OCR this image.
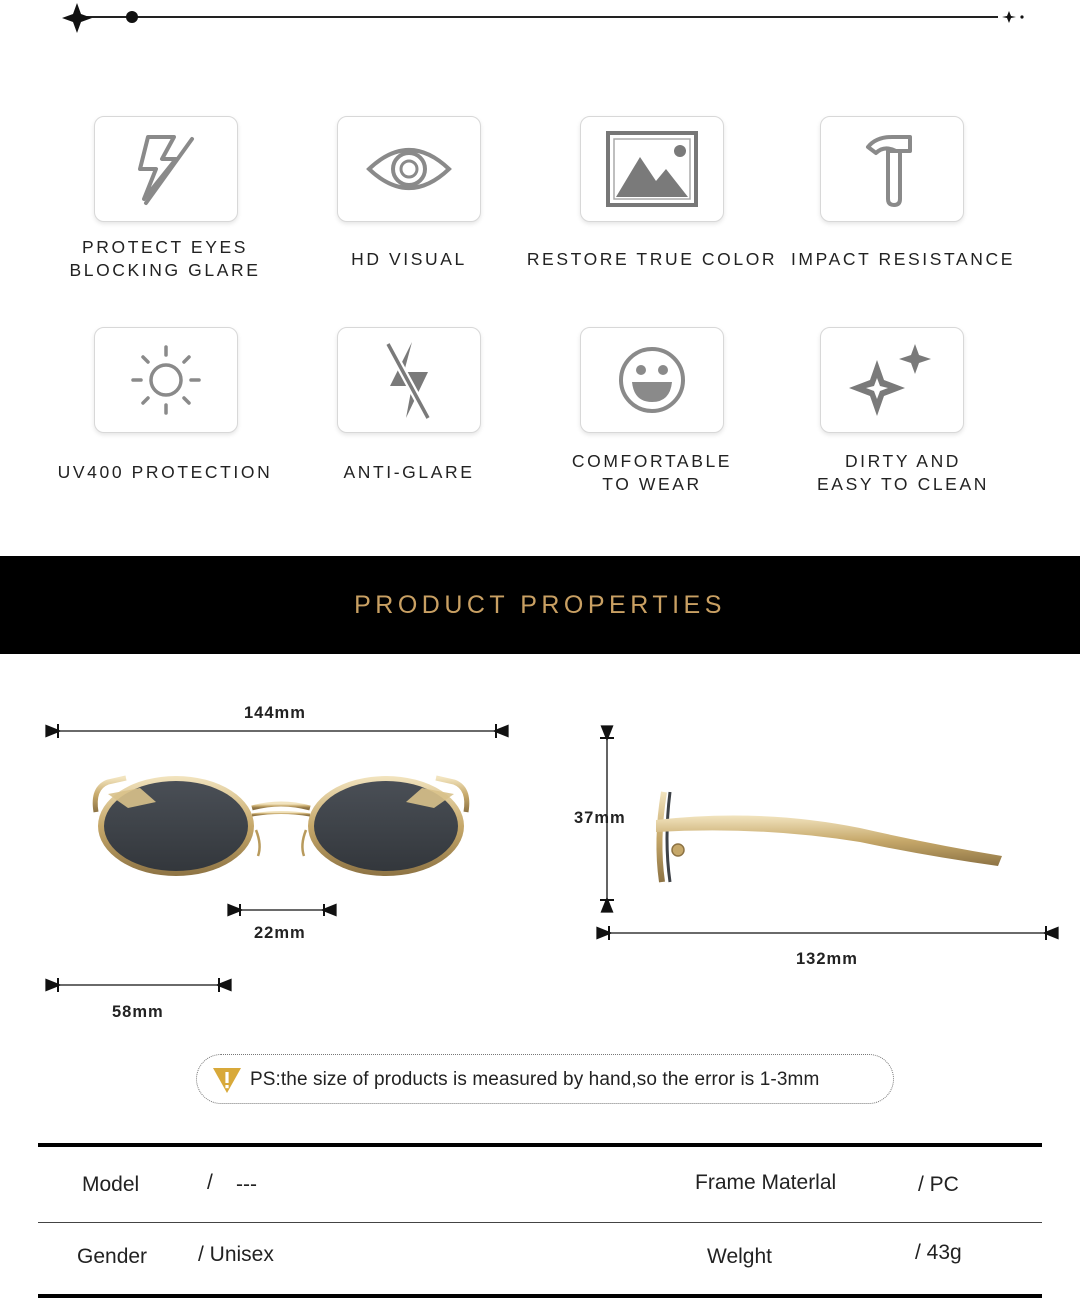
PROTECT EYES
BLOCKING GLARE
HD VISUAL	RESTORE TRUE COLOR IMPACT RESISTANCE
UV400 PROTECTION	ANTI-GLARE
COMFORTABLE
TO WEAR
DIRTY AND
EASY TO CLEAN
PRODUCT PROPERTIES
144mm
22mm
58mm
37mm
132mm
PS:the size of products is measured by hand,so the error is 1-3mm
Model	/ ---	Frame Materlal	/ PC
Gender / Unisex	Welght	/ 43g
